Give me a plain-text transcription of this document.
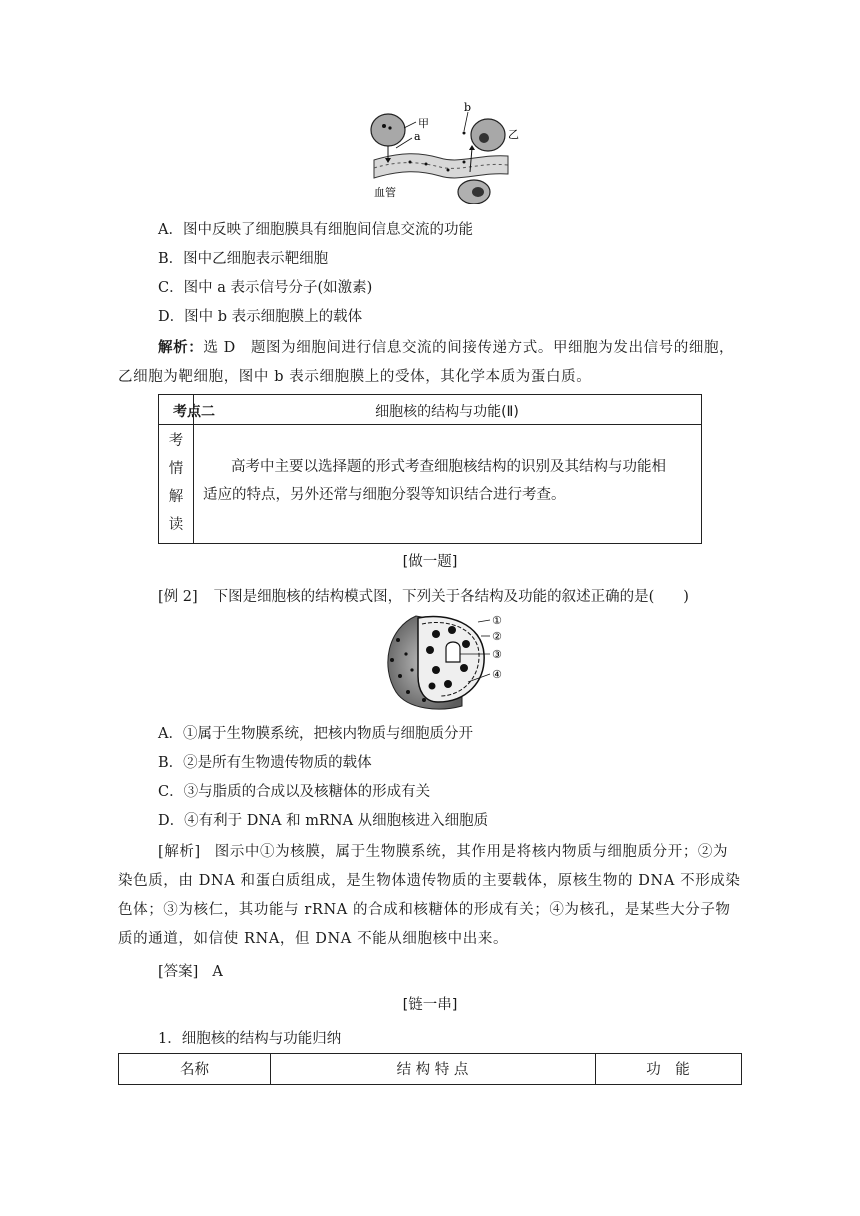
甲
a
b
乙
血管
A．图中反映了细胞膜具有细胞间信息交流的功能
B．图中乙细胞表示靶细胞
C．图中 a 表示信号分子(如激素)
D．图中 b 表示细胞膜上的载体
解析：选 D　题图为细胞间进行信息交流的间接传递方式。甲细胞为发出信号的细胞，
乙细胞为靶细胞，图中 b 表示细胞膜上的受体，其化学本质为蛋白质。
考点二	细胞核的结构与功能(Ⅱ)
考
情
解
读
高考中主要以选择题的形式考查细胞核结构的识别及其结构与功能相
适应的特点，另外还常与细胞分裂等知识结合进行考查。
[做一题]
[例 2] 下图是细胞核的结构模式图，下列关于各结构及功能的叙述正确的是(　　)
①
②
③
④
A．①属于生物膜系统，把核内物质与细胞质分开
B．②是所有生物遗传物质的载体
C．③与脂质的合成以及核糖体的形成有关
D．④有利于 DNA 和 mRNA 从细胞核进入细胞质
[解析] 图示中①为核膜，属于生物膜系统，其作用是将核内物质与细胞质分开；②为
染色质，由 DNA 和蛋白质组成，是生物体遗传物质的主要载体，原核生物的 DNA 不形成染
色体；③为核仁，其功能与 rRNA 的合成和核糖体的形成有关；④为核孔，是某些大分子物
质的通道，如信使 RNA，但 DNA 不能从细胞核中出来。
[答案] A
[链一串]
1．细胞核的结构与功能归纳
名称	结 构 特 点	功　能
